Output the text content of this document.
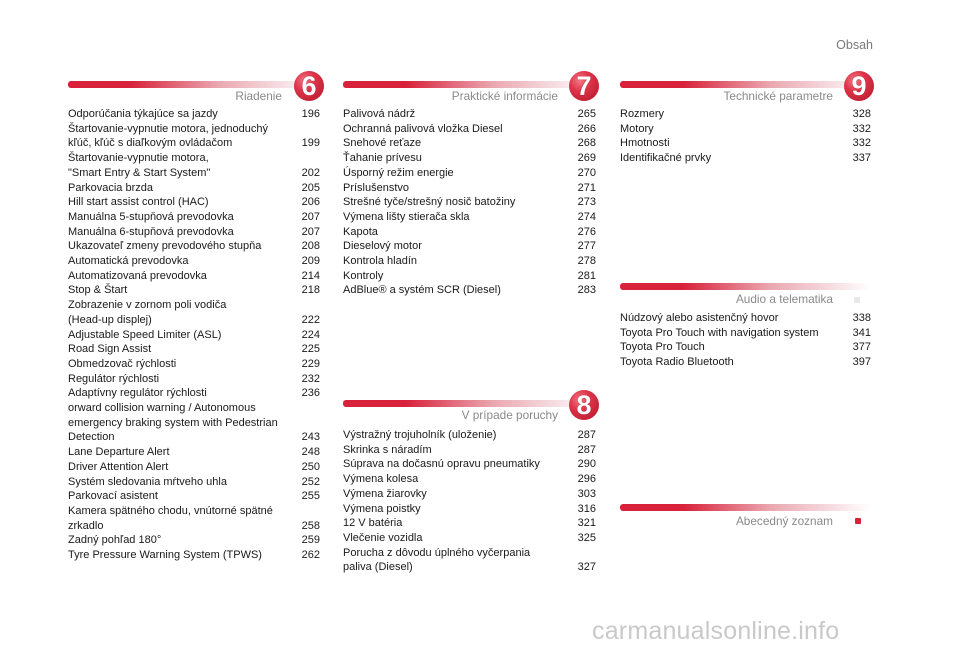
Obsah
Riadenie 6
Odporúčania týkajúce sa jazdy	196
Štartovanie-vypnutie motora, jednoduchý
kľúč, kľúč s diaľkovým ovládačom	199
Štartovanie-vypnutie motora,
"Smart Entry & Start System"	202
Parkovacia brzda	205
Hill start assist control (HAC)	206
Manuálna 5-stupňová prevodovka	207
Manuálna 6-stupňová prevodovka	207
Ukazovateľ zmeny prevodového stupňa	208
Automatická prevodovka	209
Automatizovaná prevodovka	214
Stop & Štart	218
Zobrazenie v zornom poli vodiča
(Head-up displej)	222
Adjustable Speed Limiter (ASL)	224
Road Sign Assist	225
Obmedzovač rýchlosti	229
Regulátor rýchlosti	232
Adaptívny regulátor rýchlosti	236
orward collision warning / Autonomous
emergency braking system with Pedestrian
Detection	243
Lane Departure Alert	248
Driver Attention Alert	250
Systém sledovania mŕtveho uhla	252
Parkovací asistent	255
Kamera spätného chodu, vnútorné spätné
zrkadlo	258
Zadný pohľad 180°	259
Tyre Pressure Warning System (TPWS)	262
Praktické informácie 7
Palivová nádrž	265
Ochranná palivová vložka Diesel	266
Snehové reťaze	268
Ťahanie prívesu	269
Úsporný režim energie	270
Príslušenstvo	271
Strešné tyče/strešný nosič batožiny	273
Výmena lišty stierača skla	274
Kapota	276
Dieselový motor	277
Kontrola hladín	278
Kontroly	281
AdBlue® a systém SCR (Diesel)	283
V prípade poruchy 8
Výstražný trojuholník (uloženie)	287
Skrinka s náradím	287
Súprava na dočasnú opravu pneumatiky	290
Výmena kolesa	296
Výmena žiarovky	303
Výmena poistky	316
12 V batéria	321
Vlečenie vozidla	325
Porucha z dôvodu úplného vyčerpania
paliva (Diesel)	327
Technické parametre 9
Rozmery	328
Motory	332
Hmotnosti	332
Identifikačné prvky	337
Audio a telematika
Núdzový alebo asistenčný hovor	338
Toyota Pro Touch with navigation system	341
Toyota Pro Touch	377
Toyota Radio Bluetooth	397
Abecedný zoznam
carmanualsonline.info
